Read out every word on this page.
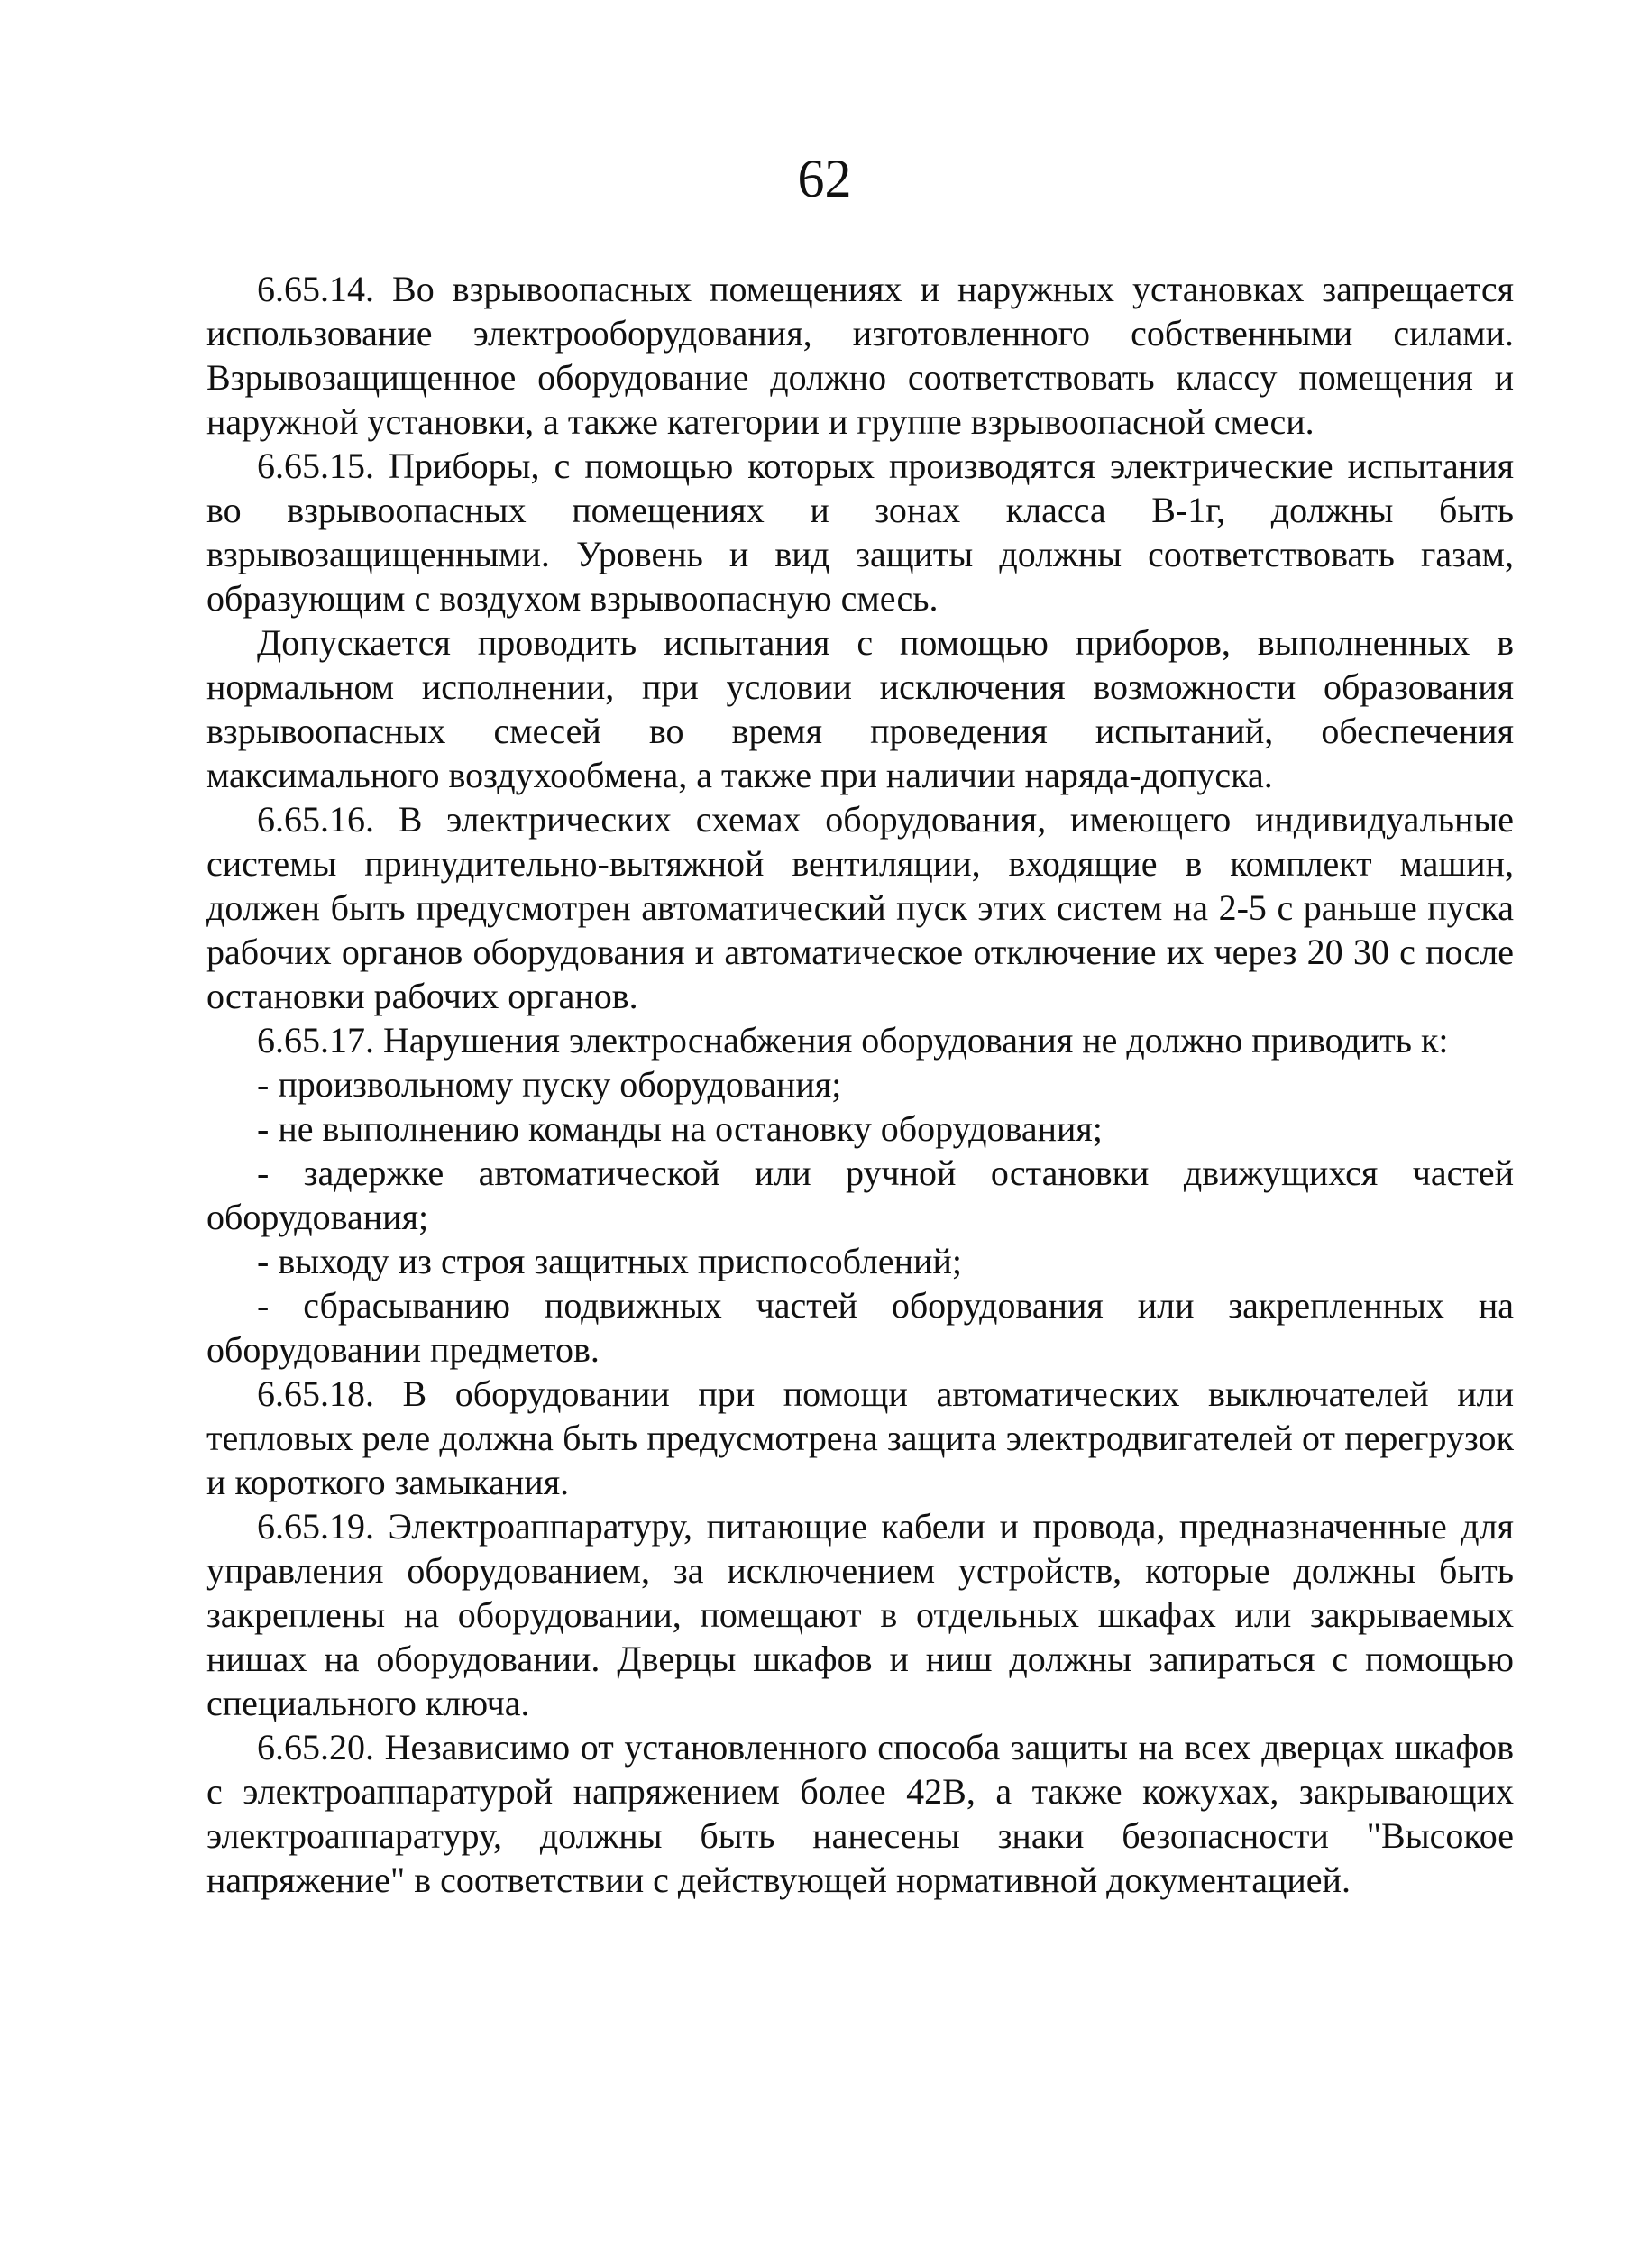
62

6.65.14. Во взрывоопасных помещениях и наружных установках запрещается использование электрооборудования, изготовленного собственными силами. Взрывозащищенное оборудование должно соответствовать классу помещения и наружной установки, а также категории и группе взрывоопасной смеси.

6.65.15. Приборы, с помощью которых производятся электрические испытания во взрывоопасных помещениях и зонах класса В-1г, должны быть взрывозащищенными. Уровень и вид защиты должны соответствовать газам, образующим с воздухом взрывоопасную смесь.

Допускается проводить испытания с помощью приборов, выполненных в нормальном исполнении, при условии исключения возможности образования взрывоопасных смесей во время проведения испытаний, обеспечения максимального воздухообмена, а также при наличии наряда-допуска.

6.65.16. В электрических схемах оборудования, имеющего индивидуальные системы принудительно-вытяжной вентиляции, входящие в комплект машин, должен быть предусмотрен автоматический пуск этих систем на 2-5 с раньше пуска рабочих органов оборудования и автоматическое отключение их через 20 30 с после остановки рабочих органов.

6.65.17. Нарушения электроснабжения оборудования не должно приводить к:

- произвольному пуску оборудования;

- не выполнению команды на остановку оборудования;

- задержке автоматической или ручной остановки движущихся частей оборудования;

- выходу из строя защитных приспособлений;

- сбрасыванию подвижных частей оборудования или закрепленных на оборудовании предметов.

6.65.18. В оборудовании при помощи автоматических выключателей или тепловых реле должна быть предусмотрена защита электродвигателей от перегрузок и короткого замыкания.

6.65.19. Электроаппаратуру, питающие кабели и провода, предназначенные для управления оборудованием, за исключением устройств, которые должны быть закреплены на оборудовании, помещают в отдельных шкафах или закрываемых нишах на оборудовании. Дверцы шкафов и ниш должны запираться с помощью специального ключа.

6.65.20. Независимо от установленного способа защиты на всех дверцах шкафов с электроаппаратурой напряжением более 42В, а также кожухах, закрывающих электроаппаратуру, должны быть нанесены знаки безопасности "Высокое напряжение" в соответствии с действующей нормативной документацией.
